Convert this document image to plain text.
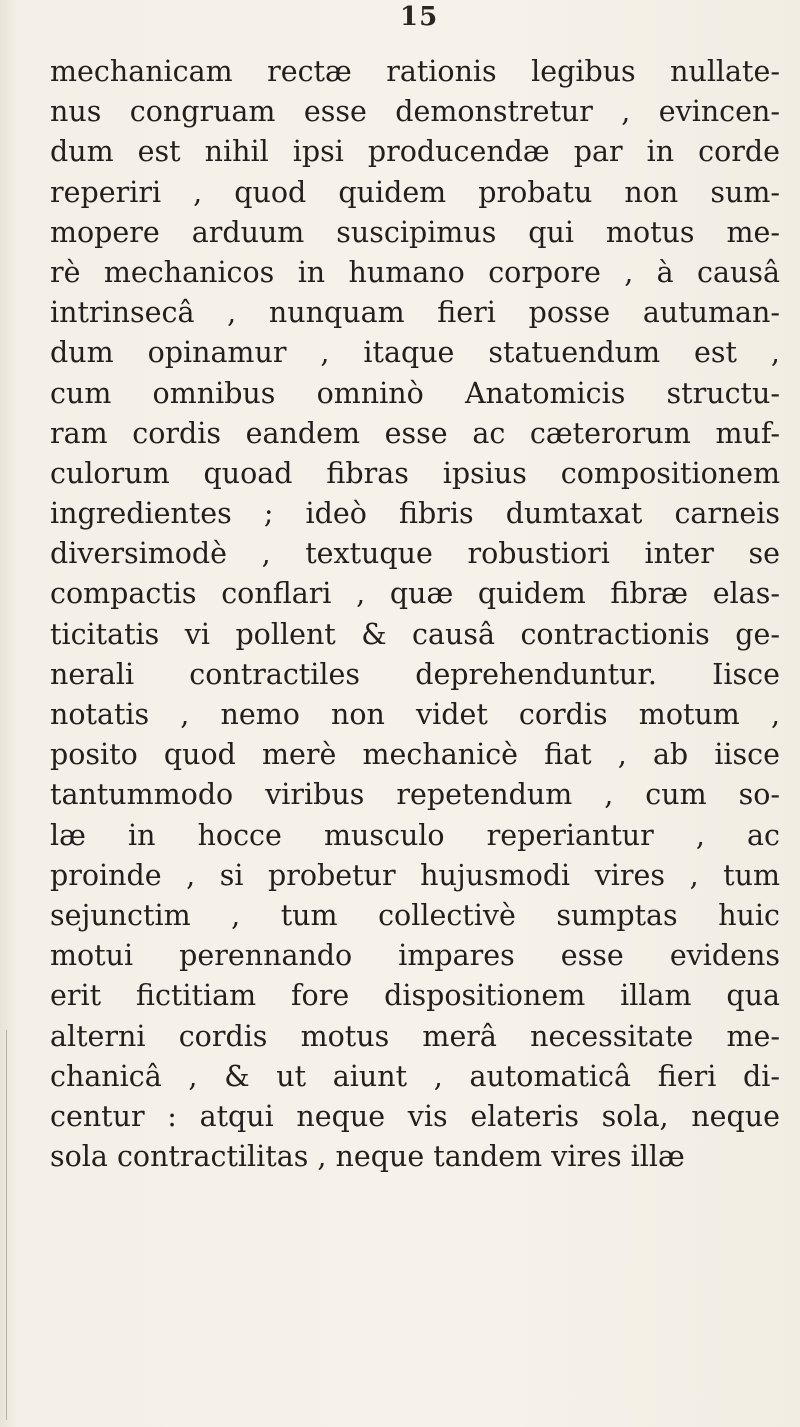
15
mechanicam rectæ rationis legibus nullate-
nus congruam esse demonstretur , evincen-
dum est nihil ipsi producendæ par in corde
reperiri , quod quidem probatu non sum-
mopere arduum suscipimus qui motus me-
rè mechanicos in humano corpore , à causâ
intrinsecâ , nunquam fieri posse autuman-
dum opinamur , itaque statuendum est ,
cum omnibus omninò Anatomicis structu-
ram cordis eandem esse ac cæterorum muf-
culorum quoad fibras ipsius compositionem
ingredientes ; ideò fibris dumtaxat carneis
diversimodè , textuque robustiori inter se
compactis conflari , quæ quidem fibræ elas-
ticitatis vi pollent & causâ contractionis ge-
nerali contractiles deprehenduntur. Iisce
notatis , nemo non videt cordis motum ,
posito quod merè mechanicè fiat , ab iisce
tantummodo viribus repetendum , cum so-
læ in hocce musculo reperiantur , ac
proinde , si probetur hujusmodi vires , tum
sejunctim , tum collectivè sumptas huic
motui perennando impares esse evidens
erit fictitiam fore dispositionem illam qua
alterni cordis motus merâ necessitate me-
chanicâ , & ut aiunt , automaticâ fieri di-
centur : atqui neque vis elateris sola, neque
sola contractilitas , neque tandem vires illæ
